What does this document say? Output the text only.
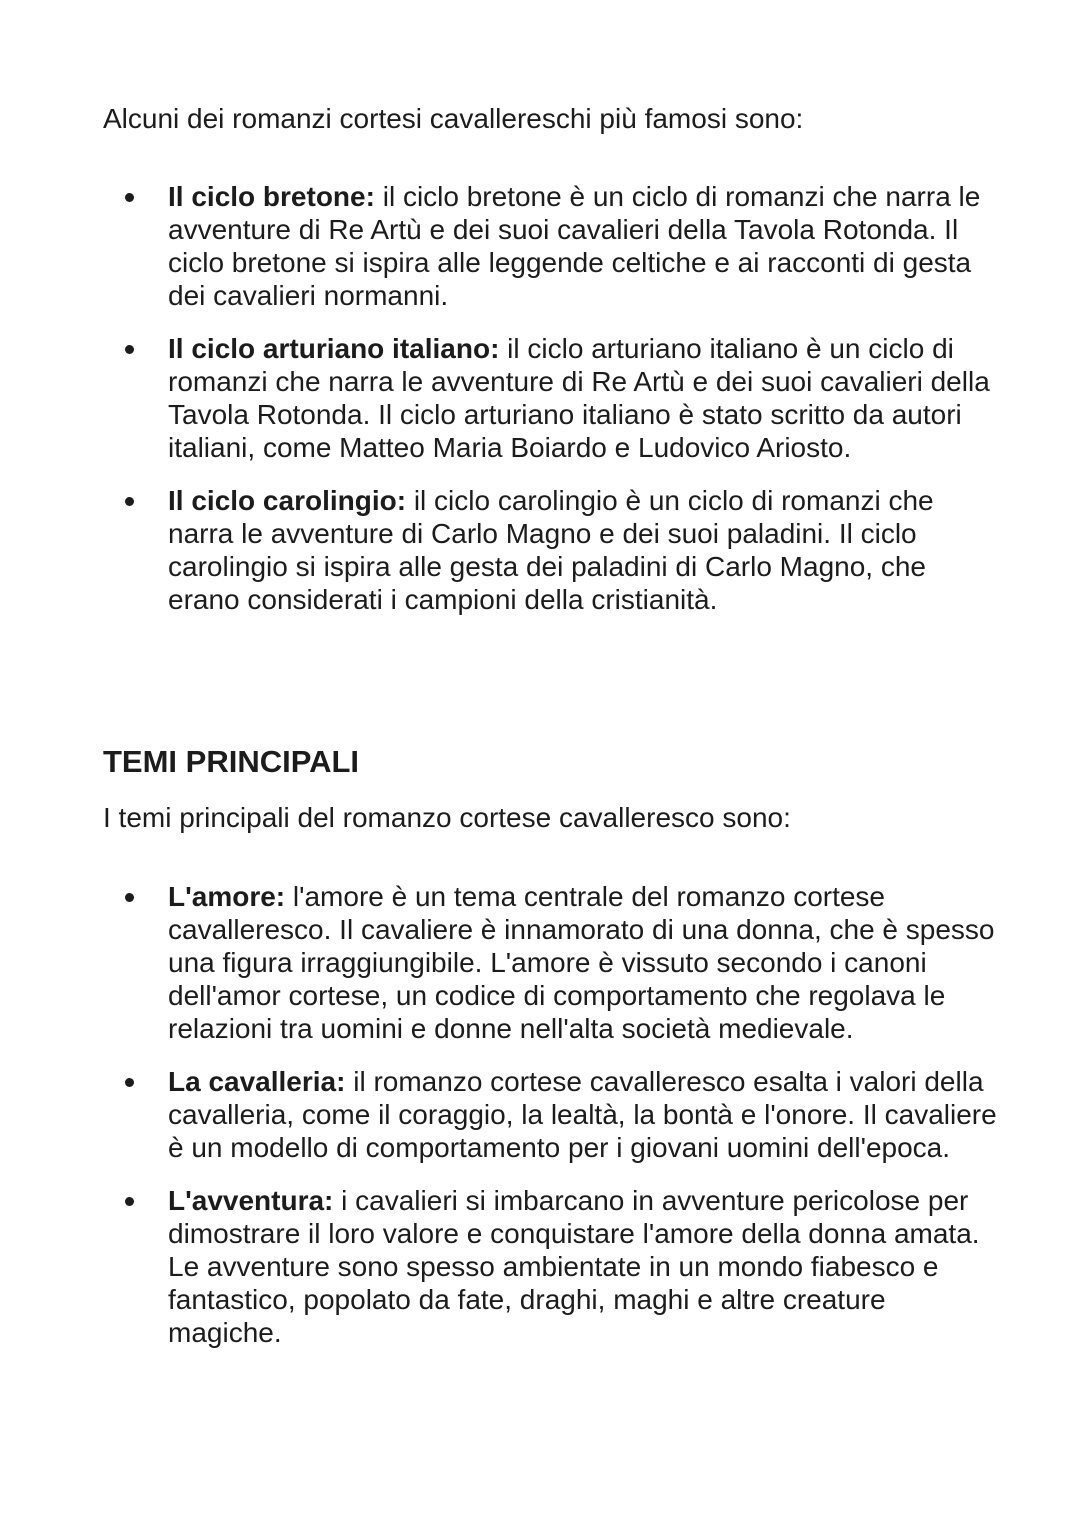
Alcuni dei romanzi cortesi cavallereschi più famosi sono:

Il ciclo bretone: il ciclo bretone è un ciclo di romanzi che narra le avventure di Re Artù e dei suoi cavalieri della Tavola Rotonda. Il ciclo bretone si ispira alle leggende celtiche e ai racconti di gesta dei cavalieri normanni.
Il ciclo arturiano italiano: il ciclo arturiano italiano è un ciclo di romanzi che narra le avventure di Re Artù e dei suoi cavalieri della Tavola Rotonda. Il ciclo arturiano italiano è stato scritto da autori italiani, come Matteo Maria Boiardo e Ludovico Ariosto.
Il ciclo carolingio: il ciclo carolingio è un ciclo di romanzi che narra le avventure di Carlo Magno e dei suoi paladini. Il ciclo carolingio si ispira alle gesta dei paladini di Carlo Magno, che erano considerati i campioni della cristianità.
TEMI PRINCIPALI

I temi principali del romanzo cortese cavalleresco sono:

L'amore: l'amore è un tema centrale del romanzo cortese cavalleresco. Il cavaliere è innamorato di una donna, che è spesso una figura irraggiungibile. L'amore è vissuto secondo i canoni dell'amor cortese, un codice di comportamento che regolava le relazioni tra uomini e donne nell'alta società medievale.
La cavalleria: il romanzo cortese cavalleresco esalta i valori della cavalleria, come il coraggio, la lealtà, la bontà e l'onore. Il cavaliere è un modello di comportamento per i giovani uomini dell'epoca.
L'avventura: i cavalieri si imbarcano in avventure pericolose per dimostrare il loro valore e conquistare l'amore della donna amata. Le avventure sono spesso ambientate in un mondo fiabesco e fantastico, popolato da fate, draghi, maghi e altre creature magiche.
